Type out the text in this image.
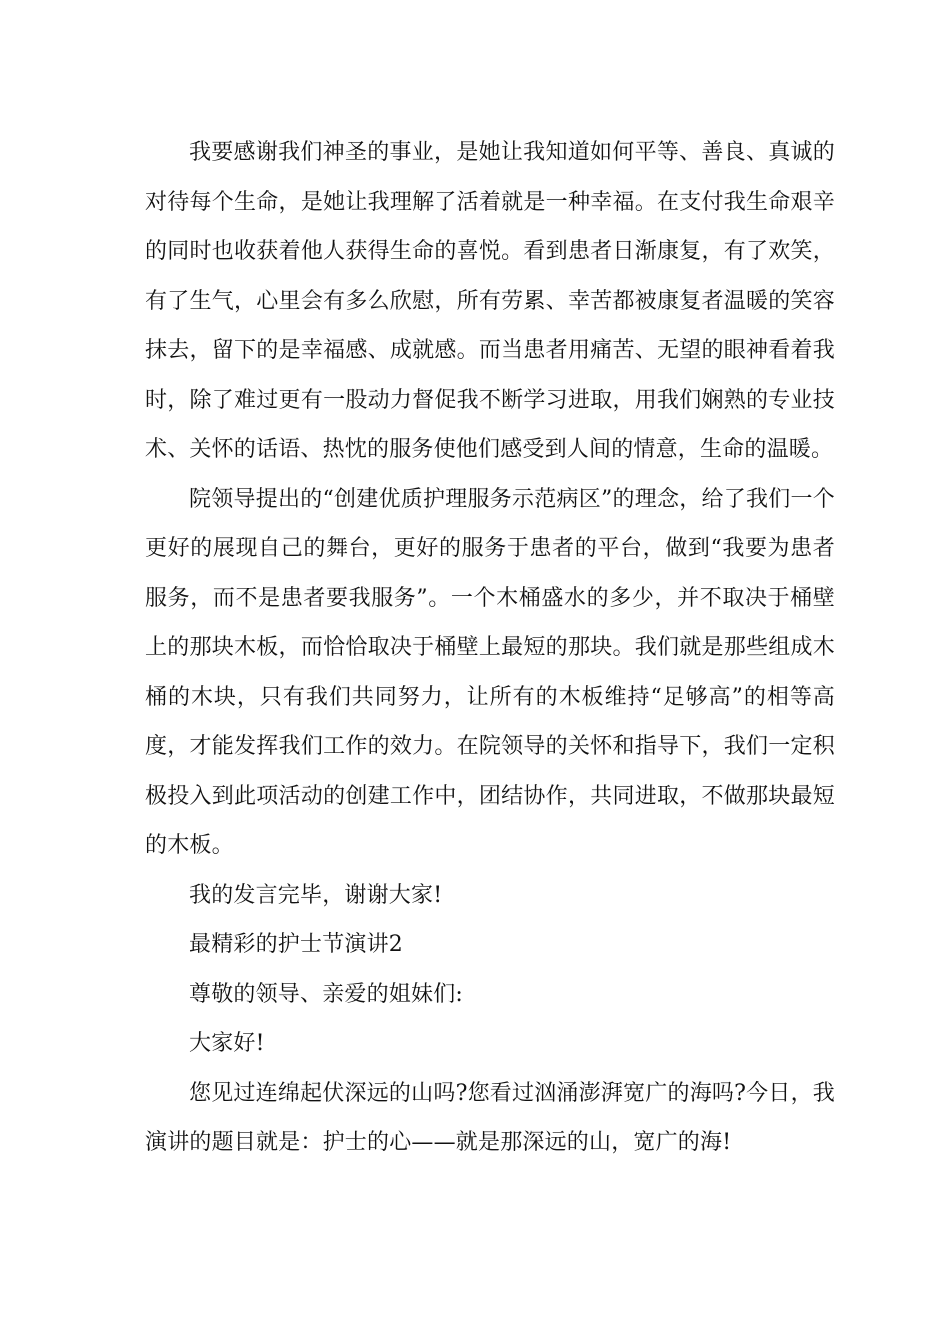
我要感谢我们神圣的事业，是她让我知道如何平等、善良、真诚的对待每个生命，是她让我理解了活着就是一种幸福。在支付我生命艰辛的同时也收获着他人获得生命的喜悦。看到患者日渐康复，有了欢笑，有了生气，心里会有多么欣慰，所有劳累、幸苦都被康复者温暖的笑容抹去，留下的是幸福感、成就感。而当患者用痛苦、无望的眼神看着我时，除了难过更有一股动力督促我不断学习进取，用我们娴熟的专业技术、关怀的话语、热忱的服务使他们感受到人间的情意，生命的温暖。

院领导提出的“创建优质护理服务示范病区”的理念，给了我们一个更好的展现自己的舞台，更好的服务于患者的平台，做到“我要为患者服务，而不是患者要我服务”。一个木桶盛水的多少，并不取决于桶壁上的那块木板，而恰恰取决于桶壁上最短的那块。我们就是那些组成木桶的木块，只有我们共同努力，让所有的木板维持“足够高”的相等高度，才能发挥我们工作的效力。在院领导的关怀和指导下，我们一定积极投入到此项活动的创建工作中，团结协作，共同进取，不做那块最短的木板。

我的发言完毕，谢谢大家!

最精彩的护士节演讲2

尊敬的领导、亲爱的姐妹们:

大家好!

您见过连绵起伏深远的山吗?您看过汹涌澎湃宽广的海吗?今日，我演讲的题目就是：护士的心——就是那深远的山，宽广的海!
